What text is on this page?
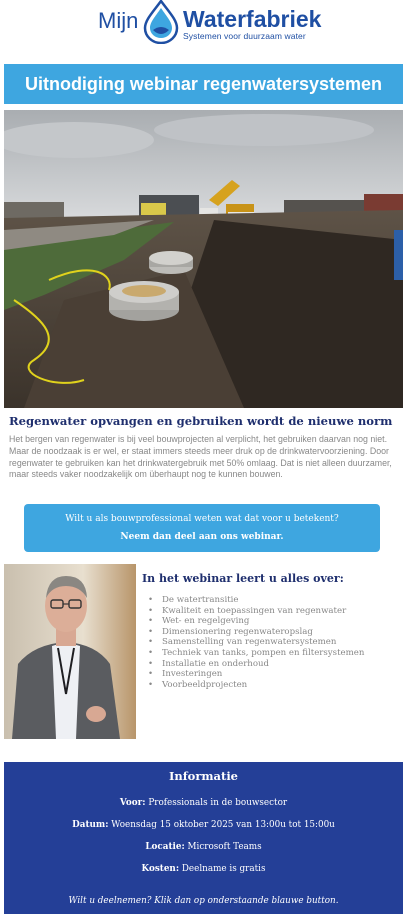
Mijn Waterfabriek
Systemen voor duurzaam water
Uitnodiging webinar regenwatersystemen
Regenwater opvangen en gebruiken wordt de nieuwe norm

Het bergen van regenwater is bij veel bouwprojecten al verplicht, het gebruiken daarvan nog niet. Maar de noodzaak is er wel, er staat immers steeds meer druk op de drinkwatervoorziening. Door regenwater te gebruiken kan het drinkwatergebruik met 50% omlaag. Dat is niet alleen duurzamer, maar steeds vaker noodzakelijk om überhaupt nog te kunnen bouwen.

Wilt u als bouwprofessional weten wat dat voor u betekent?
Neem dan deel aan ons webinar.
In het webinar leert u alles over:
• De watertransitie
• Kwaliteit en toepassingen van regenwater
• Wet- en regelgeving
• Dimensionering regenwateropslag
• Samenstelling van regenwatersystemen
• Techniek van tanks, pompen en filtersystemen
• Installatie en onderhoud
• Investeringen
• Voorbeeldprojecten
Informatie
Voor: Professionals in de bouwsector
Datum: Woensdag 15 oktober 2025 van 13:00u tot 15:00u
Locatie: Microsoft Teams
Kosten: Deelname is gratis
Wilt u deelnemen? Klik dan op onderstaande blauwe button.
